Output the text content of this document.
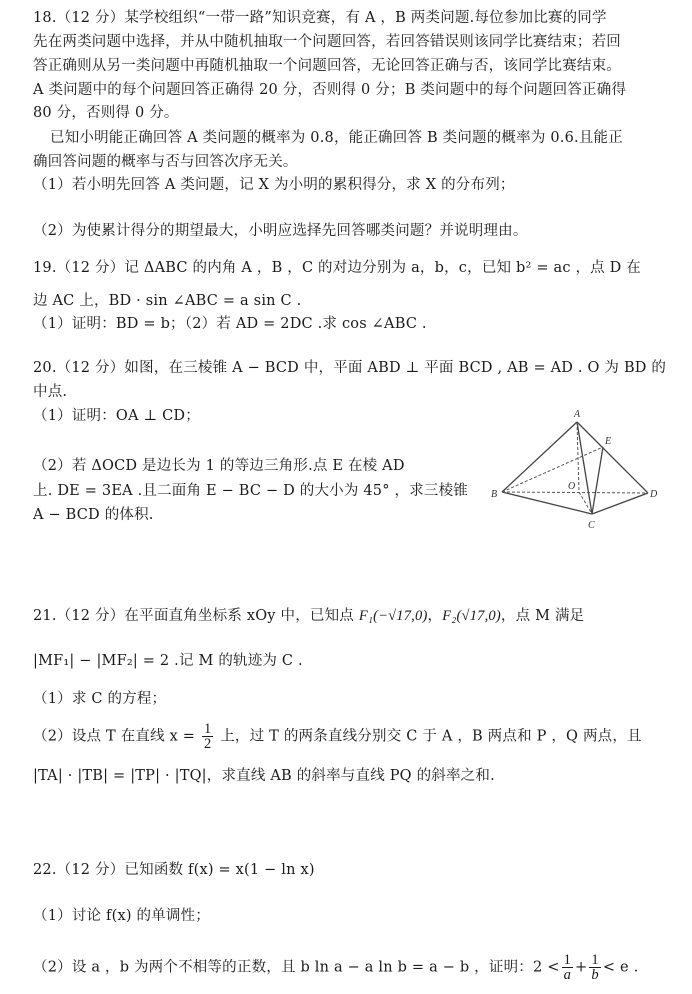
18.（12 分）某学校组织“一带一路”知识竞赛，有 A ，B 两类问题.每位参加比赛的同学
先在两类问题中选择，并从中随机抽取一个问题回答，若回答错误则该同学比赛结束；若回
答正确则从另一类问题中再随机抽取一个问题回答，无论回答正确与否，该同学比赛结束。
A 类问题中的每个问题回答正确得 20 分，否则得 0 分；B 类问题中的每个问题回答正确得
80 分，否则得 0 分。
已知小明能正确回答 A 类问题的概率为 0.8，能正确回答 B 类问题的概率为 0.6.且能正
确回答问题的概率与否与回答次序无关。
（1）若小明先回答 A 类问题，记 X 为小明的累积得分，求 X 的分布列；
（2）为使累计得分的期望最大，小明应选择先回答哪类问题？并说明理由。
19.（12 分）记 ΔABC 的内角 A ，B ，C 的对边分别为 a，b，c，已知 b² = ac ，点 D 在
边 AC 上，BD · sin ∠ABC = a sin C .
（1）证明：BD = b；（2）若 AD = 2DC .求 cos ∠ABC .
20.（12 分）如图，在三棱锥 A − BCD 中，平面 ABD ⊥ 平面 BCD , AB = AD . O 为 BD 的
中点.
（1）证明：OA ⊥ CD；
（2）若 ΔOCD 是边长为 1 的等边三角形.点 E 在棱 AD
上. DE = 3EA .且二面角 E − BC − D 的大小为 45° ，求三棱锥
A − BCD 的体积.
A
E
B
O
D
C
21.（12 分）在平面直角坐标系 xOy 中，已知点 F₁(−√17,0)，F₂(√17,0)，点 M 满足
|MF₁| − |MF₂| = 2 .记 M 的轨迹为 C .
（1）求 C 的方程；
（2）设点 T 在直线 $x = \frac{1}{2}$ 上，过 T 的两条直线分别交 C 于 A ，B 两点和 P ，Q 两点，且
|TA| · |TB| = |TP| · |TQ|，求直线 AB 的斜率与直线 PQ 的斜率之和.
22.（12 分）已知函数 f(x) = x(1 − ln x)
（1）讨论 f(x) 的单调性；
（2）设 a ，b 为两个不相等的正数，且 b ln a − a ln b = a − b ，证明：$2 < \frac{1}{a} + \frac{1}{b} < e$ .
